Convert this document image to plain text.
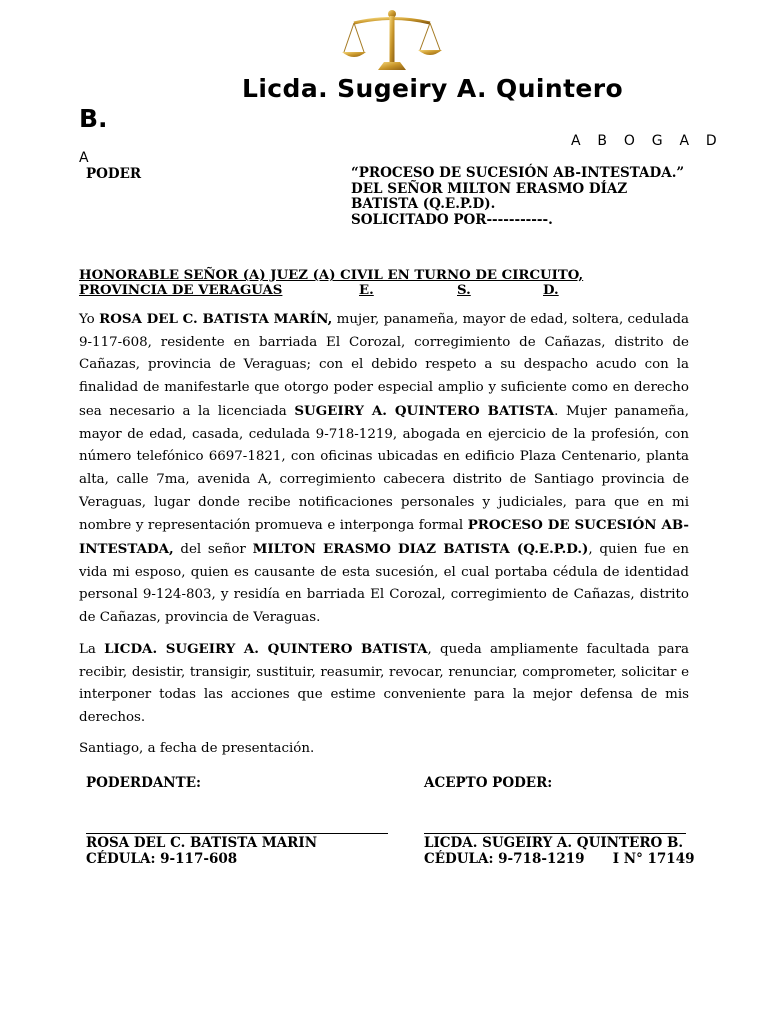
Licda. Sugeiry A. Quintero
B.
A B O G A D
A
PODER	“PROCESO DE SUCESIÓN AB-INTESTADA.”
DEL SEÑOR MILTON ERASMO DÍAZ
BATISTA (Q.E.P.D).
SOLICITADO POR-----------.
HONORABLE SEÑOR (A) JUEZ (A) CIVIL EN TURNO DE CIRCUITO,
PROVINCIA DE VERAGUAS	E.	S.	D.

Yo ROSA DEL C. BATISTA MARÍN, mujer, panameña, mayor de edad, soltera, cedulada 9-117-608, residente en barriada El Corozal, corregimiento de Cañazas, distrito de Cañazas, provincia de Veraguas; con el debido respeto a su despacho acudo con la finalidad de manifestarle que otorgo poder especial amplio y suficiente como en derecho sea necesario a la licenciada SUGEIRY A. QUINTERO BATISTA. Mujer panameña, mayor de edad, casada, cedulada 9-718-1219, abogada en ejercicio de la profesión, con número telefónico 6697-1821, con oficinas ubicadas en edificio Plaza Centenario, planta alta, calle 7ma, avenida A, corregimiento cabecera distrito de Santiago provincia de Veraguas, lugar donde recibe notificaciones personales y judiciales, para que en mi nombre y representación promueva e interponga formal PROCESO DE SUCESIÓN AB-INTESTADA, del señor MILTON ERASMO DIAZ BATISTA (Q.E.P.D.), quien fue en vida mi esposo, quien es causante de esta sucesión, el cual portaba cédula de identidad personal 9-124-803, y residía en barriada El Corozal, corregimiento de Cañazas, distrito de Cañazas, provincia de Veraguas.

La LICDA. SUGEIRY A. QUINTERO BATISTA, queda ampliamente facultada para recibir, desistir, transigir, sustituir, reasumir, revocar, renunciar, comprometer, solicitar e interponer todas las acciones que estime conveniente para la mejor defensa de mis derechos.

Santiago, a fecha de presentación.

PODERDANTE:	ACEPTO PODER:
ROSA DEL C. BATISTA MARIN
CÉDULA: 9-117-608
LICDA. SUGEIRY A. QUINTERO B.
CÉDULA: 9-718-1219      I N° 17149
